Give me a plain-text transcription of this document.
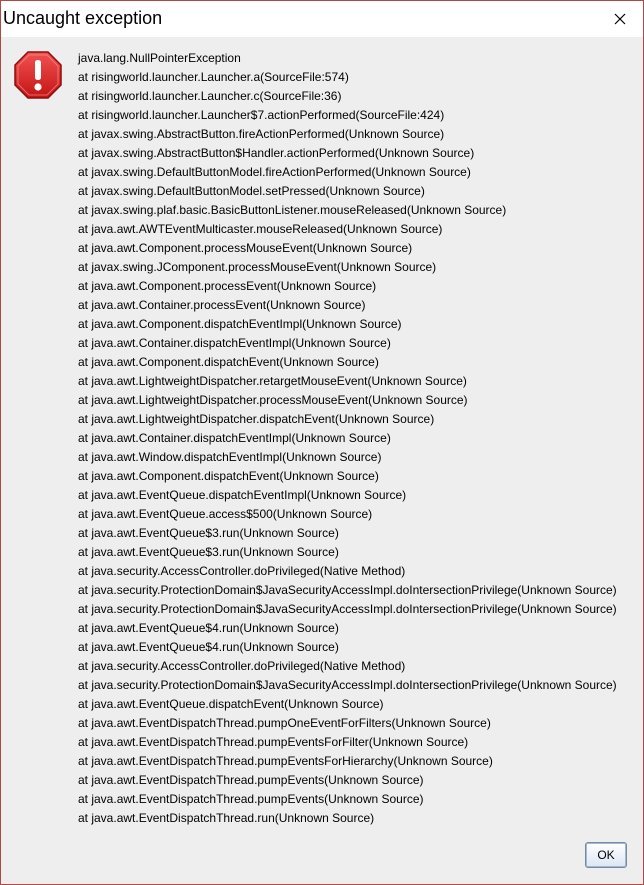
Uncaught exception
java.lang.NullPointerException
at risingworld.launcher.Launcher.a(SourceFile:574)
at risingworld.launcher.Launcher.c(SourceFile:36)
at risingworld.launcher.Launcher$7.actionPerformed(SourceFile:424)
at javax.swing.AbstractButton.fireActionPerformed(Unknown Source)
at javax.swing.AbstractButton$Handler.actionPerformed(Unknown Source)
at javax.swing.DefaultButtonModel.fireActionPerformed(Unknown Source)
at javax.swing.DefaultButtonModel.setPressed(Unknown Source)
at javax.swing.plaf.basic.BasicButtonListener.mouseReleased(Unknown Source)
at java.awt.AWTEventMulticaster.mouseReleased(Unknown Source)
at java.awt.Component.processMouseEvent(Unknown Source)
at javax.swing.JComponent.processMouseEvent(Unknown Source)
at java.awt.Component.processEvent(Unknown Source)
at java.awt.Container.processEvent(Unknown Source)
at java.awt.Component.dispatchEventImpl(Unknown Source)
at java.awt.Container.dispatchEventImpl(Unknown Source)
at java.awt.Component.dispatchEvent(Unknown Source)
at java.awt.LightweightDispatcher.retargetMouseEvent(Unknown Source)
at java.awt.LightweightDispatcher.processMouseEvent(Unknown Source)
at java.awt.LightweightDispatcher.dispatchEvent(Unknown Source)
at java.awt.Container.dispatchEventImpl(Unknown Source)
at java.awt.Window.dispatchEventImpl(Unknown Source)
at java.awt.Component.dispatchEvent(Unknown Source)
at java.awt.EventQueue.dispatchEventImpl(Unknown Source)
at java.awt.EventQueue.access$500(Unknown Source)
at java.awt.EventQueue$3.run(Unknown Source)
at java.awt.EventQueue$3.run(Unknown Source)
at java.security.AccessController.doPrivileged(Native Method)
at java.security.ProtectionDomain$JavaSecurityAccessImpl.doIntersectionPrivilege(Unknown Source)
at java.security.ProtectionDomain$JavaSecurityAccessImpl.doIntersectionPrivilege(Unknown Source)
at java.awt.EventQueue$4.run(Unknown Source)
at java.awt.EventQueue$4.run(Unknown Source)
at java.security.AccessController.doPrivileged(Native Method)
at java.security.ProtectionDomain$JavaSecurityAccessImpl.doIntersectionPrivilege(Unknown Source)
at java.awt.EventQueue.dispatchEvent(Unknown Source)
at java.awt.EventDispatchThread.pumpOneEventForFilters(Unknown Source)
at java.awt.EventDispatchThread.pumpEventsForFilter(Unknown Source)
at java.awt.EventDispatchThread.pumpEventsForHierarchy(Unknown Source)
at java.awt.EventDispatchThread.pumpEvents(Unknown Source)
at java.awt.EventDispatchThread.pumpEvents(Unknown Source)
at java.awt.EventDispatchThread.run(Unknown Source)
OK
